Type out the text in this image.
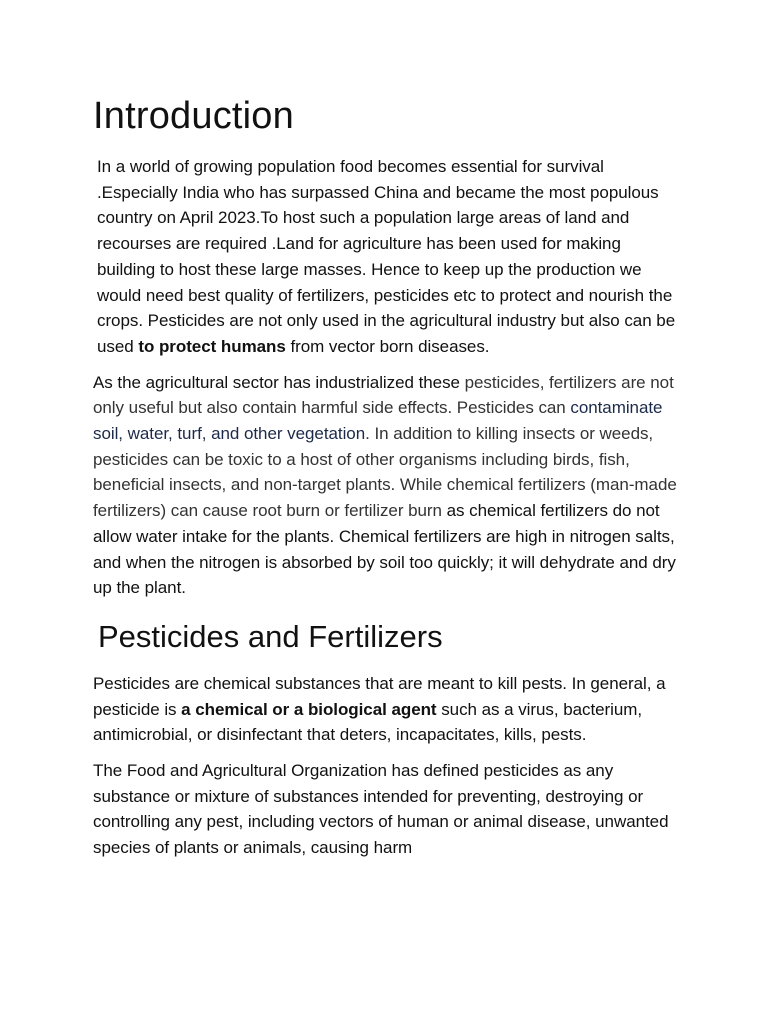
Introduction

In a world of growing population food becomes essential for survival .Especially India who has surpassed China and became the most populous country on April 2023.To host such a population large areas of land and recourses are required .Land for agriculture has been used for making building to host these large masses. Hence to keep up the production we would need best quality of fertilizers, pesticides etc to protect and nourish the crops. Pesticides are not only used in the agricultural industry but also can be used to protect humans from vector born diseases.

As the agricultural sector has industrialized these pesticides, fertilizers are not only useful but also contain harmful side effects. Pesticides can contaminate soil, water, turf, and other vegetation. In addition to killing insects or weeds, pesticides can be toxic to a host of other organisms including birds, fish, beneficial insects, and non-target plants. While chemical fertilizers (man-made fertilizers) can cause root burn or fertilizer burn as chemical fertilizers do not allow water intake for the plants. Chemical fertilizers are high in nitrogen salts, and when the nitrogen is absorbed by soil too quickly; it will dehydrate and dry up the plant.

Pesticides and Fertilizers

Pesticides are chemical substances that are meant to kill pests. In general, a pesticide is a chemical or a biological agent such as a virus, bacterium, antimicrobial, or disinfectant that deters, incapacitates, kills, pests.

The Food and Agricultural Organization has defined pesticides as any substance or mixture of substances intended for preventing, destroying or controlling any pest, including vectors of human or animal disease, unwanted species of plants or animals, causing harm
